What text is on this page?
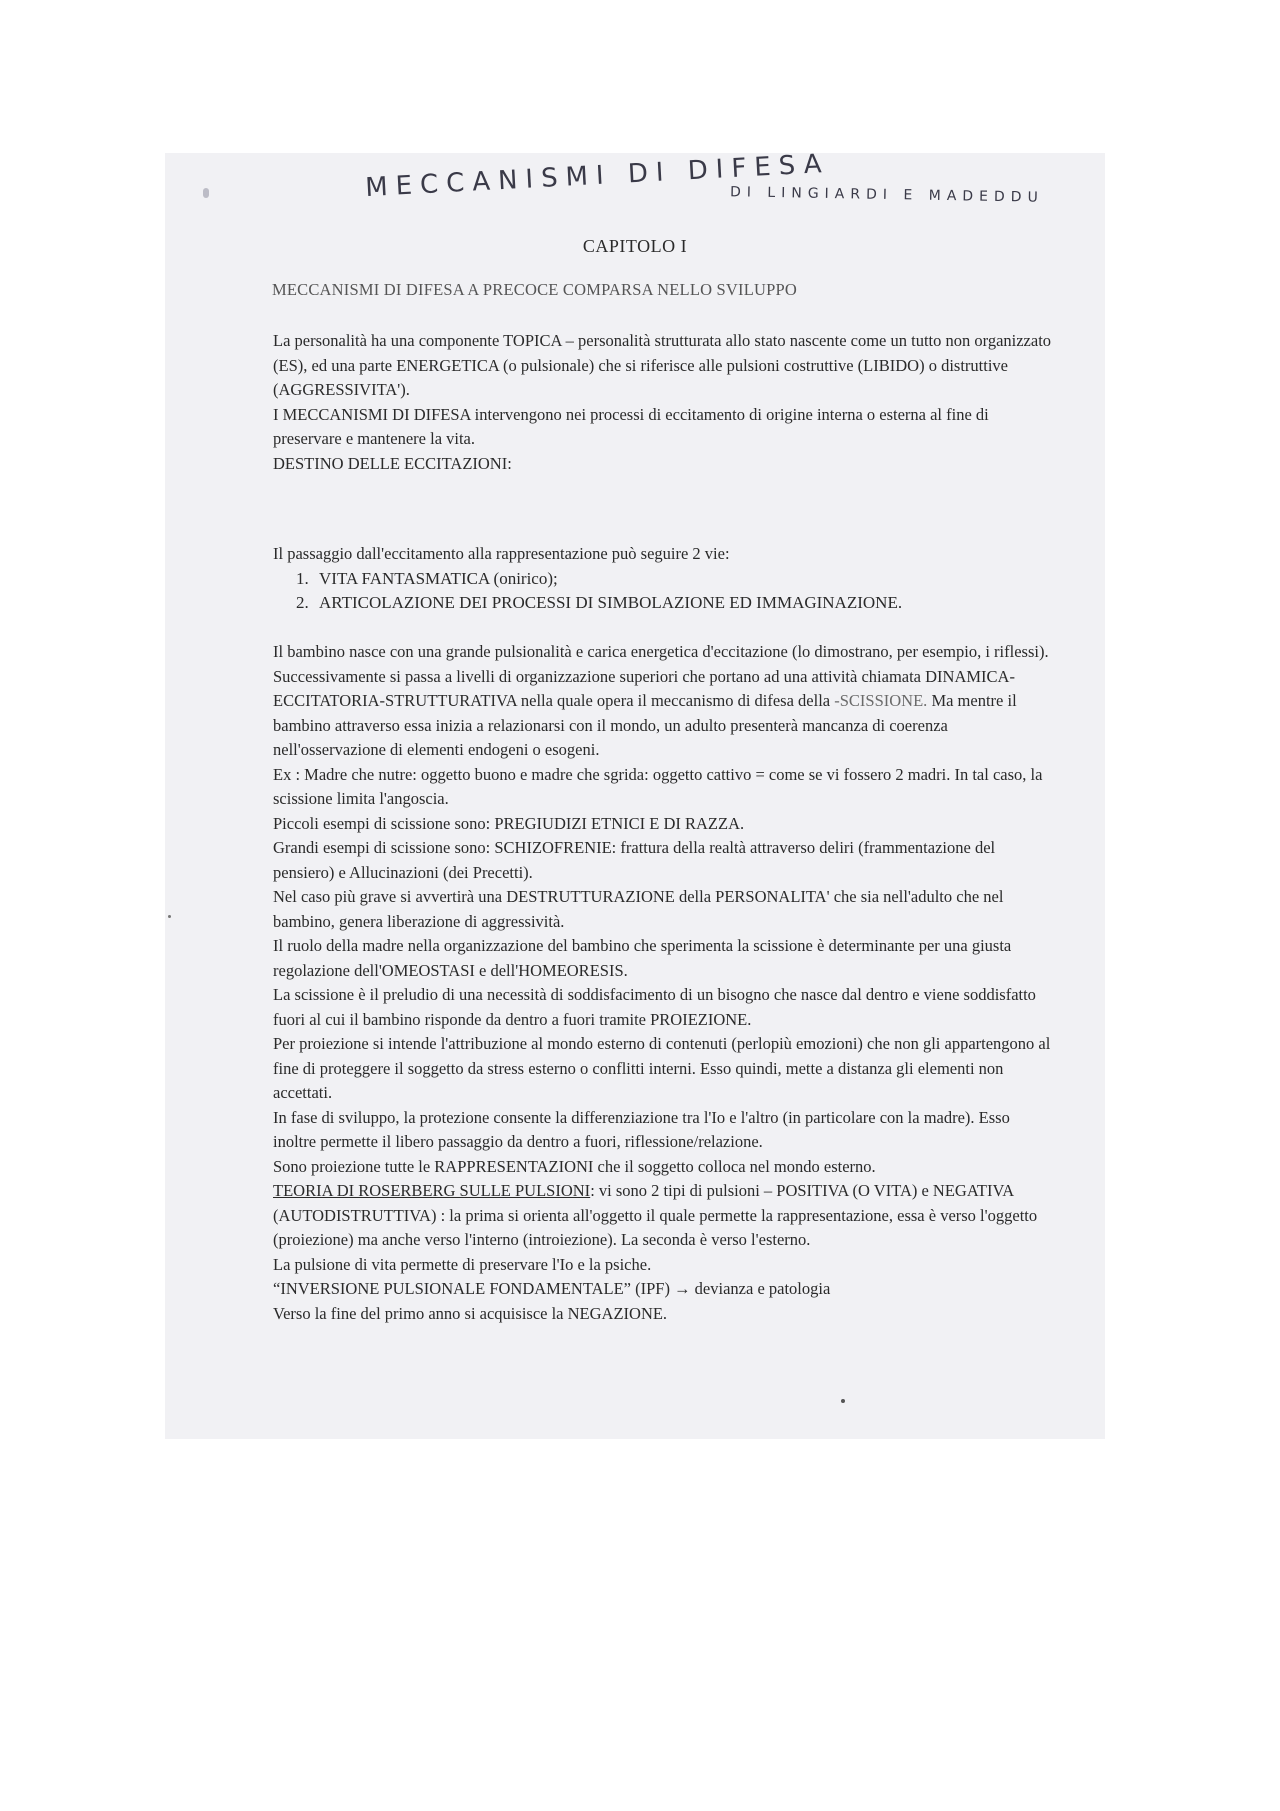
MECCANISMI DI DIFESA
DI LINGIARDI E MADEDDU
CAPITOLO I
MECCANISMI DI DIFESA A PRECOCE COMPARSA NELLO SVILUPPO

La personalità ha una componente TOPICA – personalità strutturata allo stato nascente come un tutto non organizzato (ES), ed una parte ENERGETICA (o pulsionale) che si riferisce alle pulsioni costruttive (LIBIDO) o distruttive (AGGRESSIVITA').

I MECCANISMI DI DIFESA intervengono nei processi di eccitamento di origine interna o esterna al fine di preservare e mantenere la vita.

DESTINO DELLE ECCITAZIONI:

Il passaggio dall'eccitamento alla rappresentazione può seguire 2 vie:

1. VITA FANTASMATICA (onirico);
2. ARTICOLAZIONE DEI PROCESSI DI SIMBOLAZIONE ED IMMAGINAZIONE.

Il bambino nasce con una grande pulsionalità e carica energetica d'eccitazione (lo dimostrano, per esempio, i riflessi).

Successivamente si passa a livelli di organizzazione superiori che portano ad una attività chiamata DINAMICA-ECCITATORIA-STRUTTURATIVA nella quale opera il meccanismo di difesa della -SCISSIONE. Ma mentre il bambino attraverso essa inizia a relazionarsi con il mondo, un adulto presenterà mancanza di coerenza nell'osservazione di elementi endogeni o esogeni.

Ex : Madre che nutre: oggetto buono e madre che sgrida: oggetto cattivo = come se vi fossero 2 madri. In tal caso, la scissione limita l'angoscia.

Piccoli esempi di scissione sono: PREGIUDIZI ETNICI E DI RAZZA.

Grandi esempi di scissione sono: SCHIZOFRENIE: frattura della realtà attraverso deliri (frammentazione del pensiero) e Allucinazioni (dei Precetti).

Nel caso più grave si avvertirà una DESTRUTTURAZIONE della PERSONALITA' che sia nell'adulto che nel bambino, genera liberazione di aggressività.

Il ruolo della madre nella organizzazione del bambino che sperimenta la scissione è determinante per una giusta regolazione dell'OMEOSTASI e dell'HOMEORESIS.

La scissione è il preludio di una necessità di soddisfacimento di un bisogno che nasce dal dentro e viene soddisfatto fuori al cui il bambino risponde da dentro a fuori tramite PROIEZIONE.

Per proiezione si intende l'attribuzione al mondo esterno di contenuti (perlopiù emozioni) che non gli appartengono al fine di proteggere il soggetto da stress esterno o conflitti interni. Esso quindi, mette a distanza gli elementi non accettati.

In fase di sviluppo, la protezione consente la differenziazione tra l'Io e l'altro (in particolare con la madre). Esso inoltre permette il libero passaggio da dentro a fuori, riflessione/relazione.

Sono proiezione tutte le RAPPRESENTAZIONI che il soggetto colloca nel mondo esterno.

TEORIA DI ROSERBERG SULLE PULSIONI: vi sono 2 tipi di pulsioni – POSITIVA (O VITA) e NEGATIVA (AUTODISTRUTTIVA) : la prima si orienta all'oggetto il quale permette la rappresentazione, essa è verso l'oggetto (proiezione) ma anche verso l'interno (introiezione). La seconda è verso l'esterno.

La pulsione di vita permette di preservare l'Io e la psiche.

“INVERSIONE PULSIONALE FONDAMENTALE” (IPF) → devianza e patologia

Verso la fine del primo anno si acquisisce la NEGAZIONE.
